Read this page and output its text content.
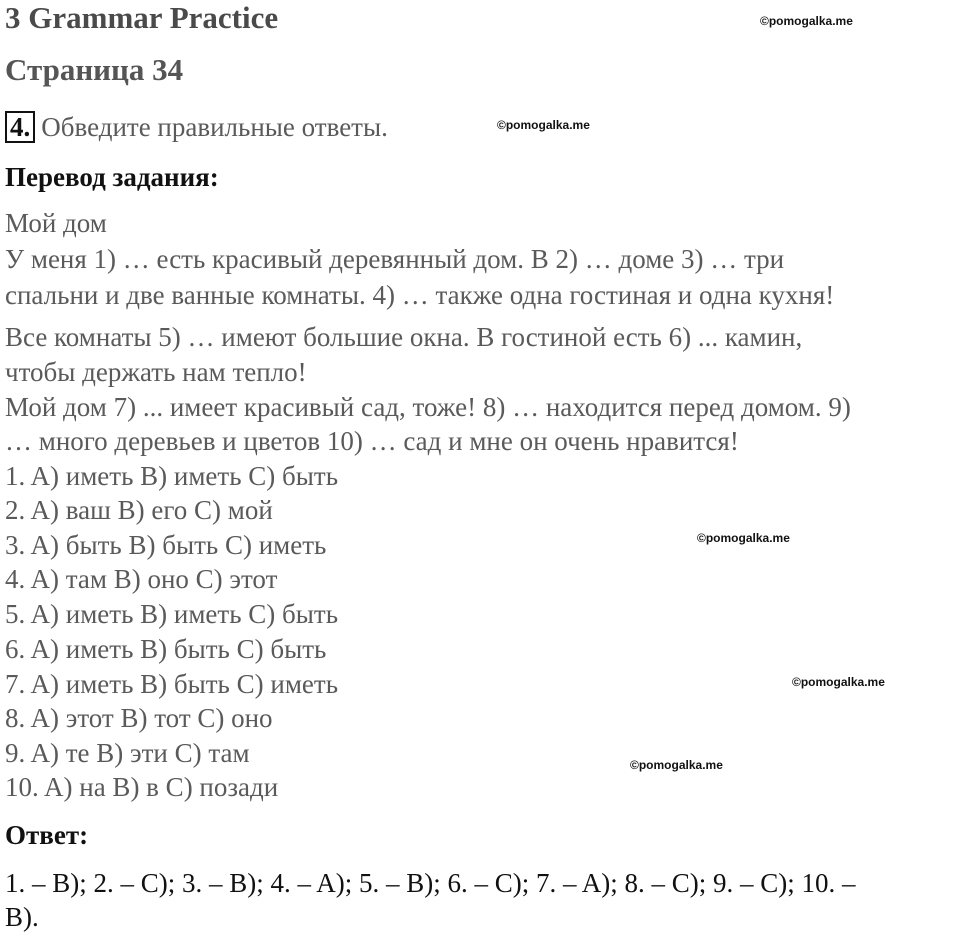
3 Grammar Practice	©pomogalka.me
Страница 34
4. Обведите правильные ответы.	©pomogalka.me
Перевод задания:
Мой дом
У меня 1) … есть красивый деревянный дом. В 2) … доме 3) … три
спальни и две ванные комнаты. 4) … также одна гостиная и одна кухня!
Все комнаты 5) … имеют большие окна. В гостиной есть 6) ... камин,
чтобы держать нам тепло!
Мой дом 7) ... имеет красивый сад, тоже! 8) … находится перед домом. 9)
… много деревьев и цветов 10) … сад и мне он очень нравится!
1. A) иметь B) иметь C) быть
2. A) ваш B) его C) мой
3. A) быть B) быть C) иметь	©pomogalka.me
4. A) там B) оно C) этот
5. A) иметь B) иметь C) быть
6. A) иметь B) быть C) быть
7. A) иметь B) быть C) иметь	©pomogalka.me
8. A) этот B) тот C) оно
9. A) те B) эти C) там	©pomogalka.me
10. A) на B) в C) позади
Ответ:
1. – B); 2. – C); 3. – B); 4. – A); 5. – B); 6. – C); 7. – A); 8. – C); 9. – C); 10. –
B).
